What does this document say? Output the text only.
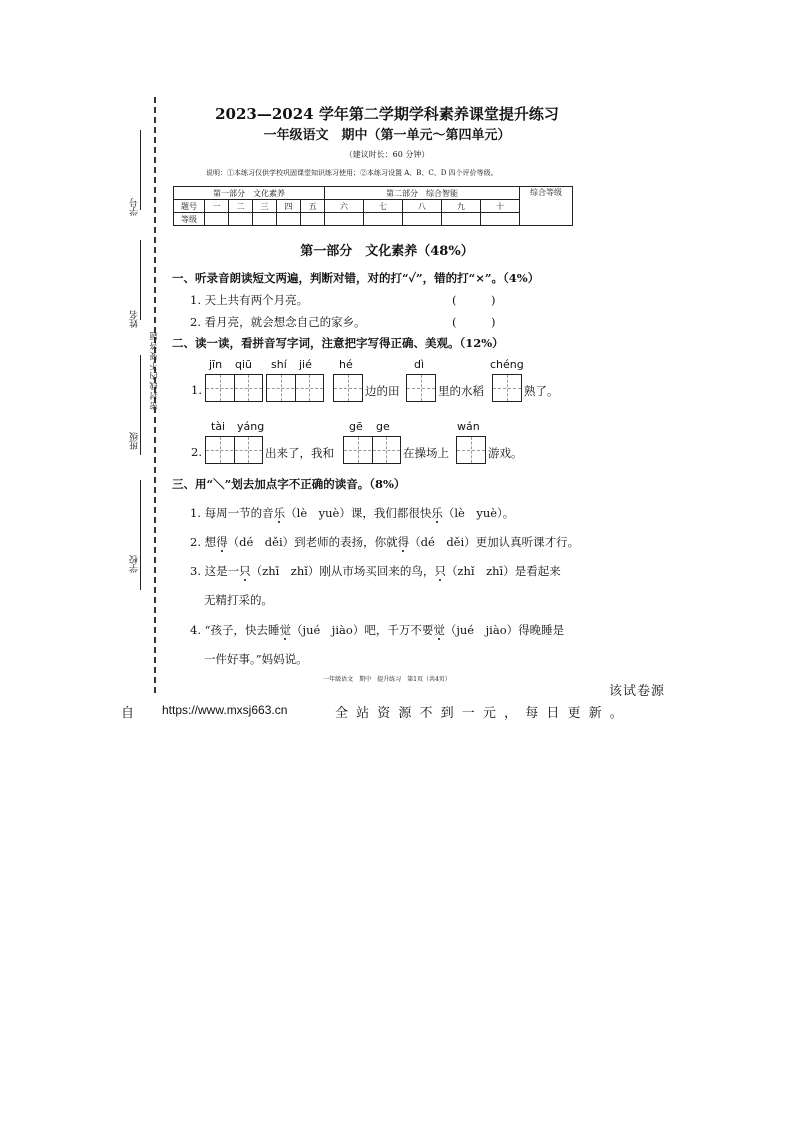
学号
姓名
密封线内不要答题
班级
学校
2023—2024 学年第二学期学科素养课堂提升练习
一年级语文　期中（第一单元～第四单元）
（建议时长：60 分钟）
说明：①本练习仅供学校巩固课堂知识练习使用；②本练习设置 A、B、C、D 四个评价等级。
第一部分　文化素养						第二部分　综合智能					综合等级
题号	一	二	三	四	五	六	七	八	九	十	
等级											
第一部分　文化素养（48%）
一、听录音朗读短文两遍，判断对错，对的打“✓”，错的打“×”。（4%）
1. 天上共有两个月亮。	(　　　)
2. 看月亮，就会想念自己的家乡。	(　　　)
二、读一读，看拼音写字词，注意把字写得正确、美观。（12%）
jīn qiū shí jié hé	dì	chéng
1.	边的田	里的水稻	熟了。
tài yáng	gē ge	wán
2.	出来了，我和	在操场上	游戏。
三、用“＼”划去加点字不正确的读音。（8%）
1. 每周一节的音乐（lè　yuè）课，我们都很快乐（lè　yuè）。
2. 想得（dé　děi）到老师的表扬，你就得（dé　děi）更加认真听课才行。
3. 这是一只（zhī　zhǐ）刚从市场买回来的鸟，只（zhǐ　zhī）是看起来
无精打采的。
4. “孩子，快去睡觉（jué　jiào）吧，千万不要觉（jué　jiào）得晚睡是
一件好事。”妈妈说。
一年级语文　期中　提升练习　第1页（共4页）
该试卷源
自 https://www.mxsj663.cn	全 站 资 源 不 到 一 元 ， 每 日 更 新 。
